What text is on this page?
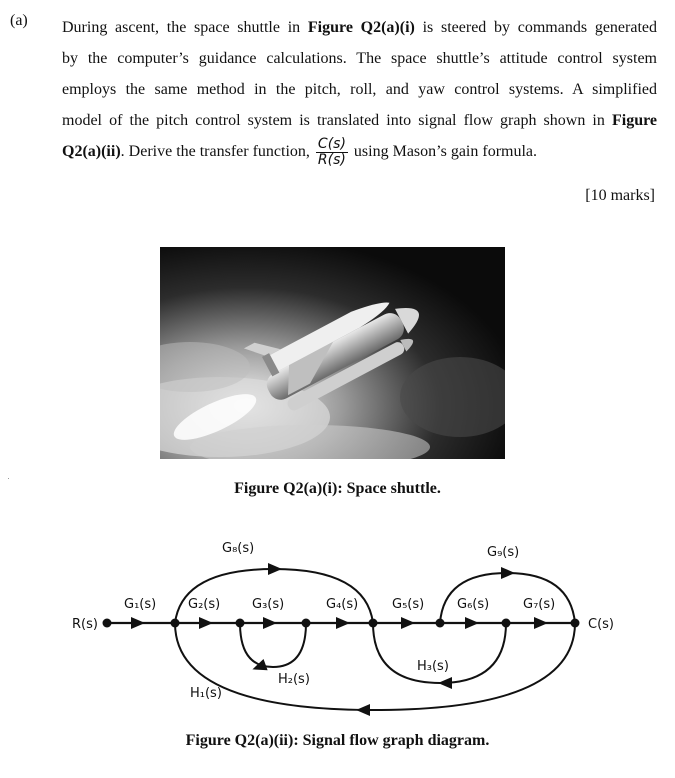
(a) During ascent, the space shuttle in Figure Q2(a)(i) is steered by commands generated
by the computer’s guidance calculations. The space shuttle’s attitude control system
employs the same method in the pitch, roll, and yaw control systems. A simplified
model of the pitch control system is translated into signal flow graph shown in Figure
Q2(a)(ii). Derive the transfer function, $\frac{C(s)}{R(s)}$ using Mason’s gain formula.
[10 marks]
Figure Q2(a)(i): Space shuttle.
R(s)	C(s)
G₁(s) G₂(s) G₃(s)	G₄(s)	G₅(s)	G₆(s)	G₇(s)
G₈(s)	G₉(s)
H₁(s)
H₂(s)
H₃(s)
Figure Q2(a)(ii): Signal flow graph diagram.
